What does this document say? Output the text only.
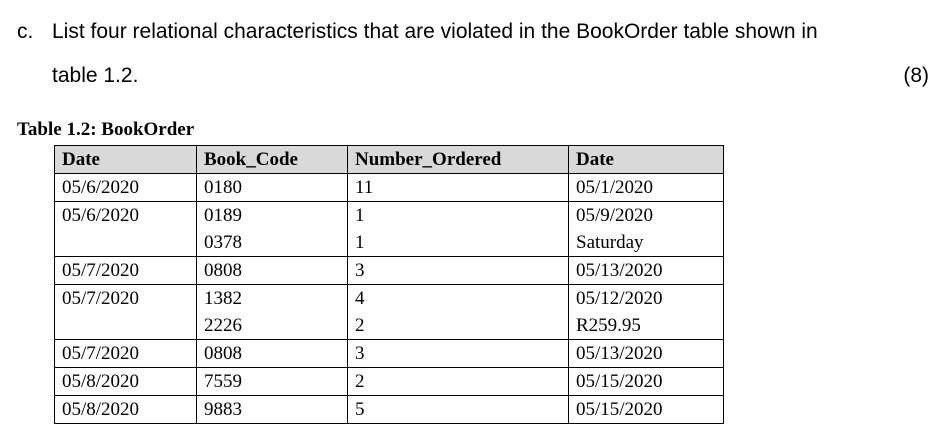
c. List four relational characteristics that are violated in the BookOrder table shown in
table 1.2.	(8)
Table 1.2: BookOrder
Date	Book_Code	Number_Ordered	Date
05/6/2020	0180	11	05/1/2020
05/6/2020	0189	1	05/9/2020
	0378	1	Saturday
05/7/2020	0808	3	05/13/2020
05/7/2020	1382	4	05/12/2020
	2226	2	R259.95
05/7/2020	0808	3	05/13/2020
05/8/2020	7559	2	05/15/2020
05/8/2020	9883	5	05/15/2020
